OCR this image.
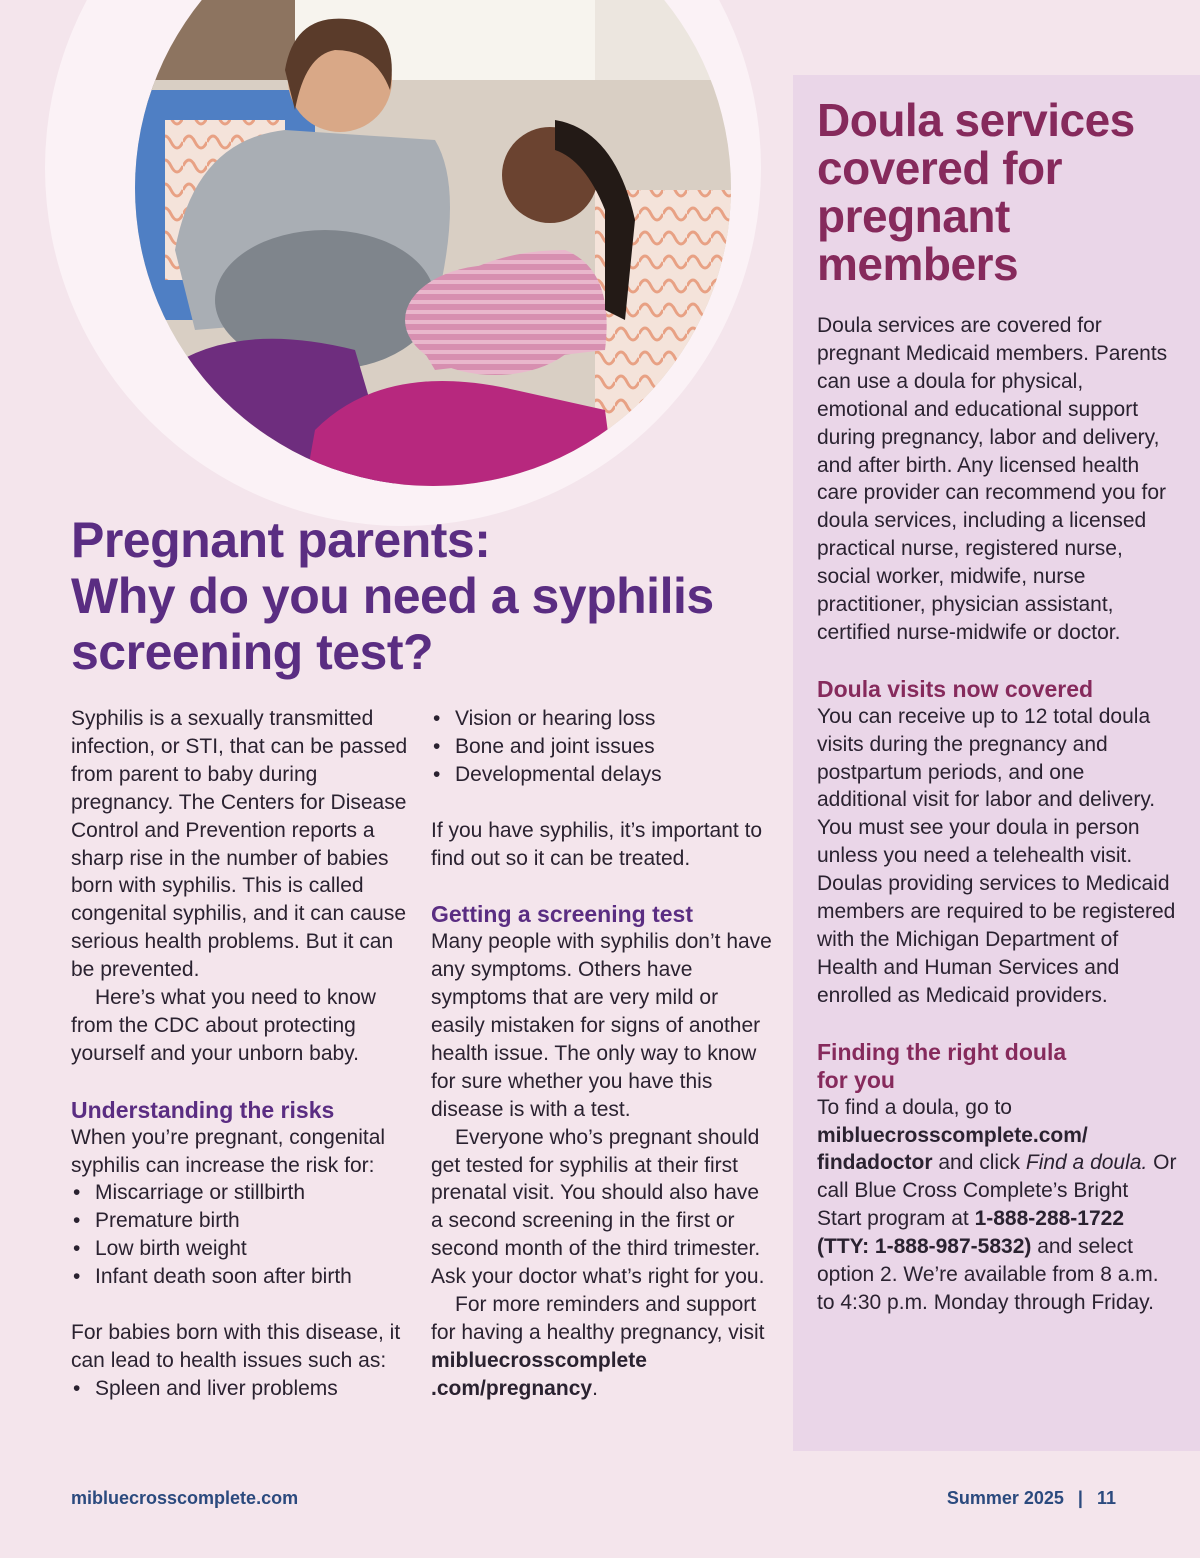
Pregnant parents:
Why do you need a syphilis
screening test?

Syphilis is a sexually transmitted infection, or STI, that can be passed from parent to baby during pregnancy. The Centers for Disease Control and Prevention reports a sharp rise in the number of babies born with syphilis. This is called congenital syphilis, and it can cause serious health problems. But it can be prevented.

Here’s what you need to know from the CDC about protecting yourself and your unborn baby.

Understanding the risks

When you’re pregnant, congenital syphilis can increase the risk for:

• Miscarriage or stillbirth
• Premature birth
• Low birth weight
• Infant death soon after birth

For babies born with this disease, it can lead to health issues such as:

• Spleen and liver problems
• Vision or hearing loss
• Bone and joint issues
• Developmental delays

If you have syphilis, it’s important to find out so it can be treated.

Getting a screening test

Many people with syphilis don’t have any symptoms. Others have symptoms that are very mild or easily mistaken for signs of another health issue. The only way to know for sure whether you have this disease is with a test.

Everyone who’s pregnant should get tested for syphilis at their first prenatal visit. You should also have a second screening in the first or second month of the third trimester. Ask your doctor what’s right for you.

For more reminders and support for having a healthy pregnancy, visit

mibluecrosscomplete
.com/pregnancy.

Doula services
covered for
pregnant
members

Doula services are covered for pregnant Medicaid members. Parents can use a doula for physical, emotional and educational support during pregnancy, labor and delivery, and after birth. Any licensed health care provider can recommend you for doula services, including a licensed practical nurse, registered nurse, social worker, midwife, nurse practitioner, physician assistant, certified nurse-midwife or doctor.

Doula visits now covered

You can receive up to 12 total doula visits during the pregnancy and postpartum periods, and one additional visit for labor and delivery. You must see your doula in person unless you need a telehealth visit. Doulas providing services to Medicaid members are required to be registered with the Michigan Department of Health and Human Services and enrolled as Medicaid providers.

Finding the right doula
for you

To find a doula, go to
mibluecrosscomplete.com/
findadoctor and click Find a doula. Or call Blue Cross Complete’s Bright Start program at 1-888-288-1722 (TTY: 1-888-987-5832) and select option 2. We’re available from 8 a.m. to 4:30 p.m. Monday through Friday.

mibluecrosscomplete.com	Summer 2025 | 11
